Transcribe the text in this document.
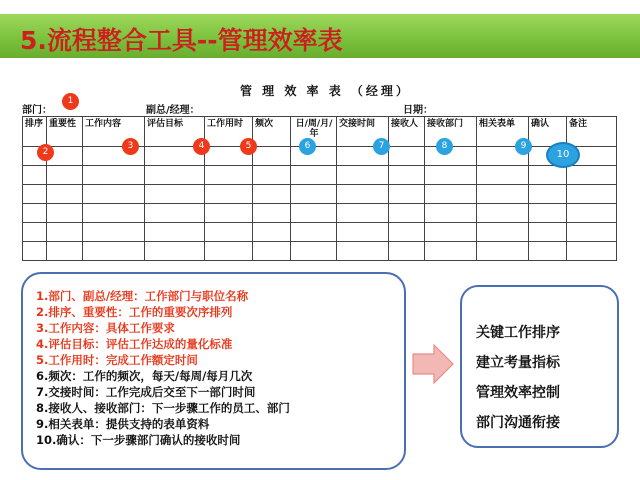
5.流程整合工具--管理效率表
管 理 效 率 表 （经理）
部门：	副总/经理：	日期：
排序	重要性	工作内容	评估目标	工作用时	频次	日/周/月/年	交接时间	接收人	接收部门	相关表单	确认	备注

1
2
3	4	5	6	7	8	9
10
1.部门、副总/经理：工作部门与职位名称
2.排序、重要性：工作的重要次序排列
3.工作内容：具体工作要求
4.评估目标：评估工作达成的量化标准
5.工作用时：完成工作额定时间
6.频次：工作的频次，每天/每周/每月几次
7.交接时间：工作完成后交至下一部门时间
8.接收人、接收部门：下一步骤工作的员工、部门
9.相关表单：提供支持的表单资料
10.确认：下一步骤部门确认的接收时间
关键工作排序
建立考量指标
管理效率控制
部门沟通衔接
